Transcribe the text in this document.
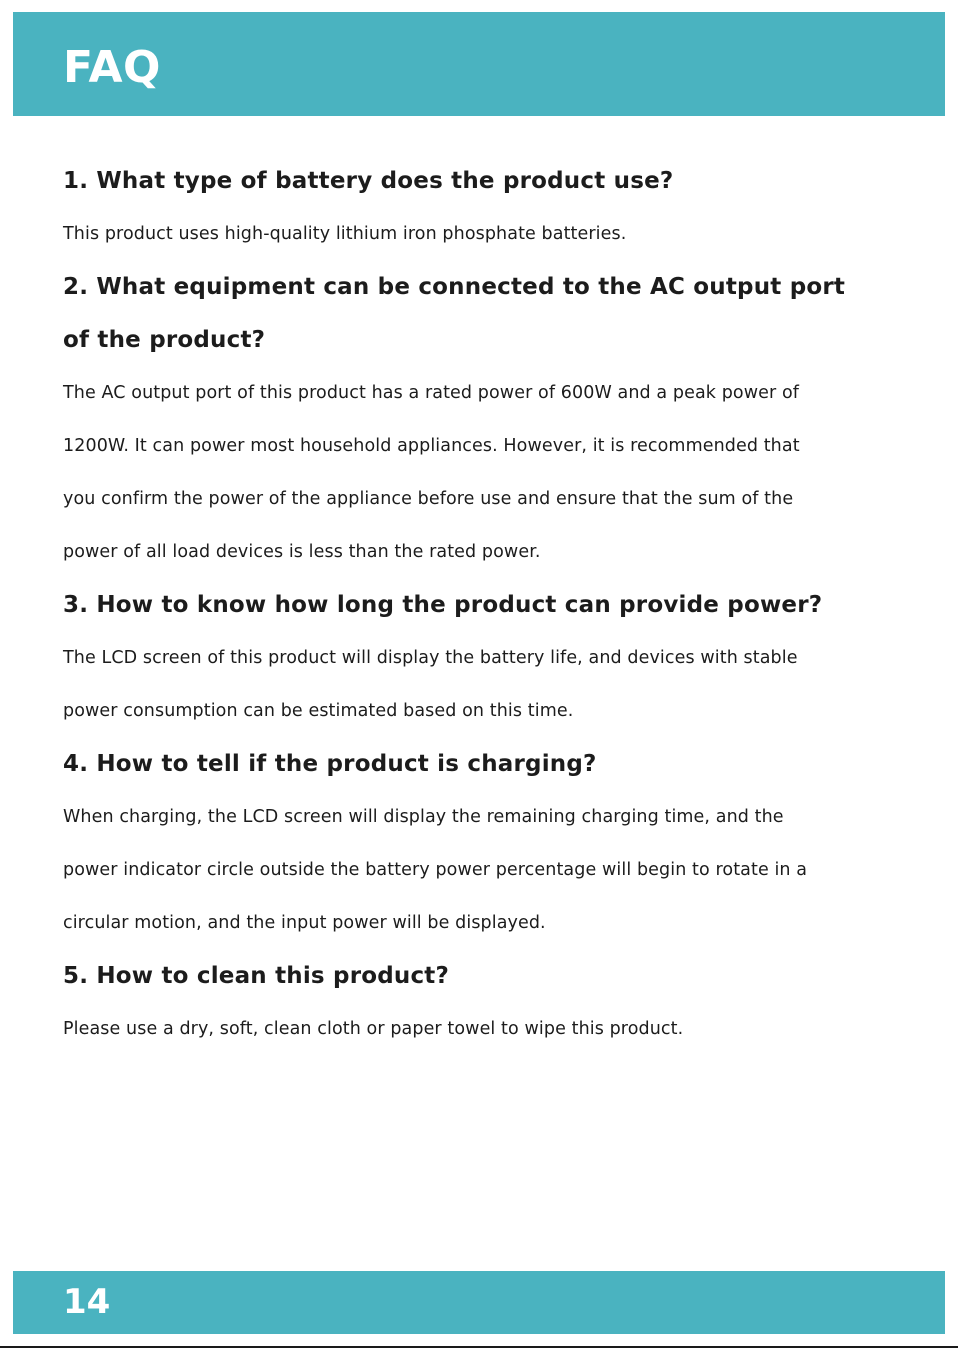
FAQ

1. What type of battery does the product use?

This product uses high-quality lithium iron phosphate batteries.

2. What equipment can be connected to the AC output port

of the product?

The AC output port of this product has a rated power of 600W and a peak power of

1200W. It can power most household appliances. However, it is recommended that

you confirm the power of the appliance before use and ensure that the sum of the

power of all load devices is less than the rated power.

3. How to know how long the product can provide power?

The LCD screen of this product will display the battery life, and devices with stable

power consumption can be estimated based on this time.

4. How to tell if the product is charging?

When charging, the LCD screen will display the remaining charging time, and the

power indicator circle outside the battery power percentage will begin to rotate in a

circular motion, and the input power will be displayed.

5. How to clean this product?

Please use a dry, soft, clean cloth or paper towel to wipe this product.

14
